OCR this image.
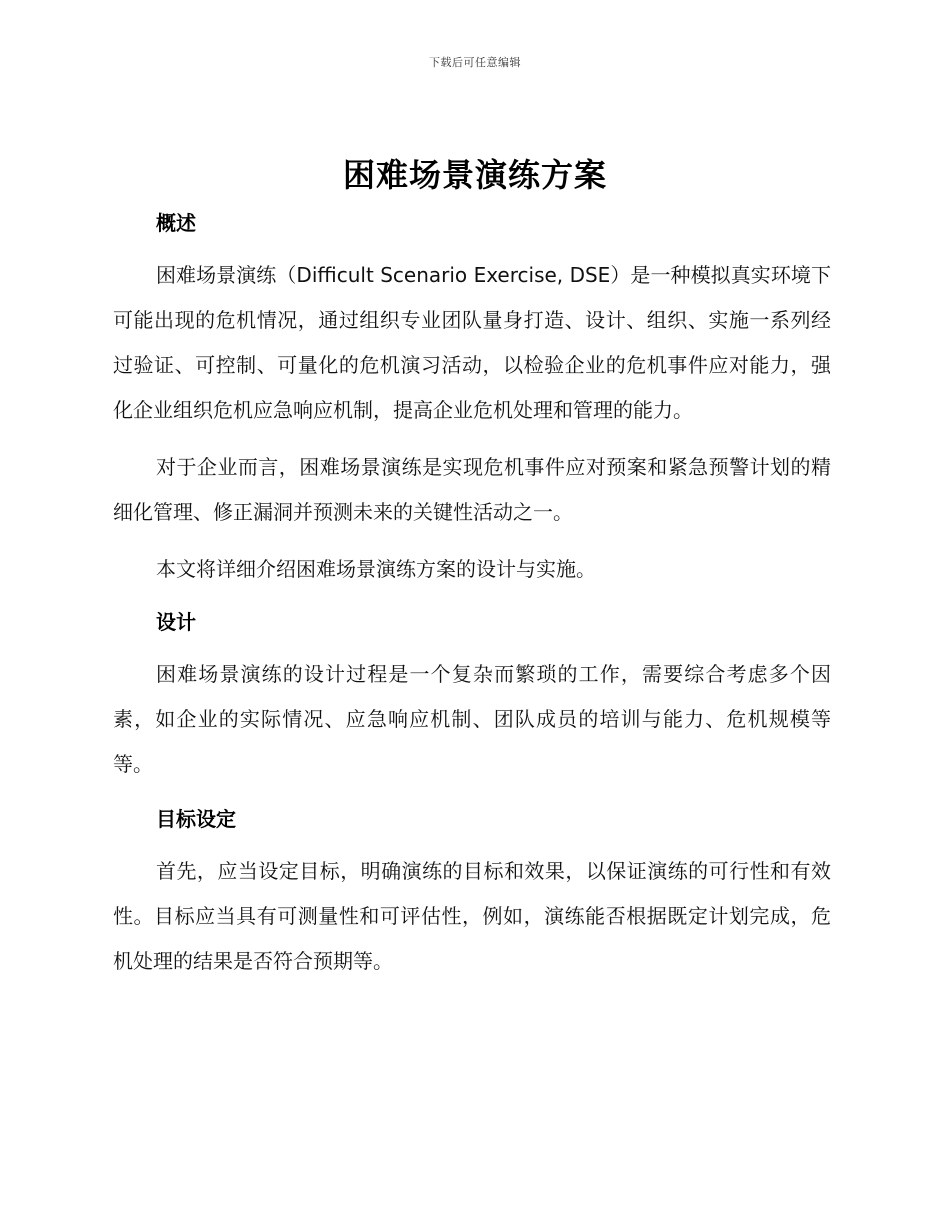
下载后可任意编辑
困难场景演练方案
概述

困难场景演练（Difficult Scenario Exercise, DSE）是一种模拟真实环境下可能出现的危机情况，通过组织专业团队量身打造、设计、组织、实施一系列经过验证、可控制、可量化的危机演习活动，以检验企业的危机事件应对能力，强化企业组织危机应急响应机制，提高企业危机处理和管理的能力。

对于企业而言，困难场景演练是实现危机事件应对预案和紧急预警计划的精细化管理、修正漏洞并预测未来的关键性活动之一。

本文将详细介绍困难场景演练方案的设计与实施。

设计

困难场景演练的设计过程是一个复杂而繁琐的工作，需要综合考虑多个因素，如企业的实际情况、应急响应机制、团队成员的培训与能力、危机规模等等。

目标设定

首先，应当设定目标，明确演练的目标和效果，以保证演练的可行性和有效性。目标应当具有可测量性和可评估性，例如，演练能否根据既定计划完成，危机处理的结果是否符合预期等。
